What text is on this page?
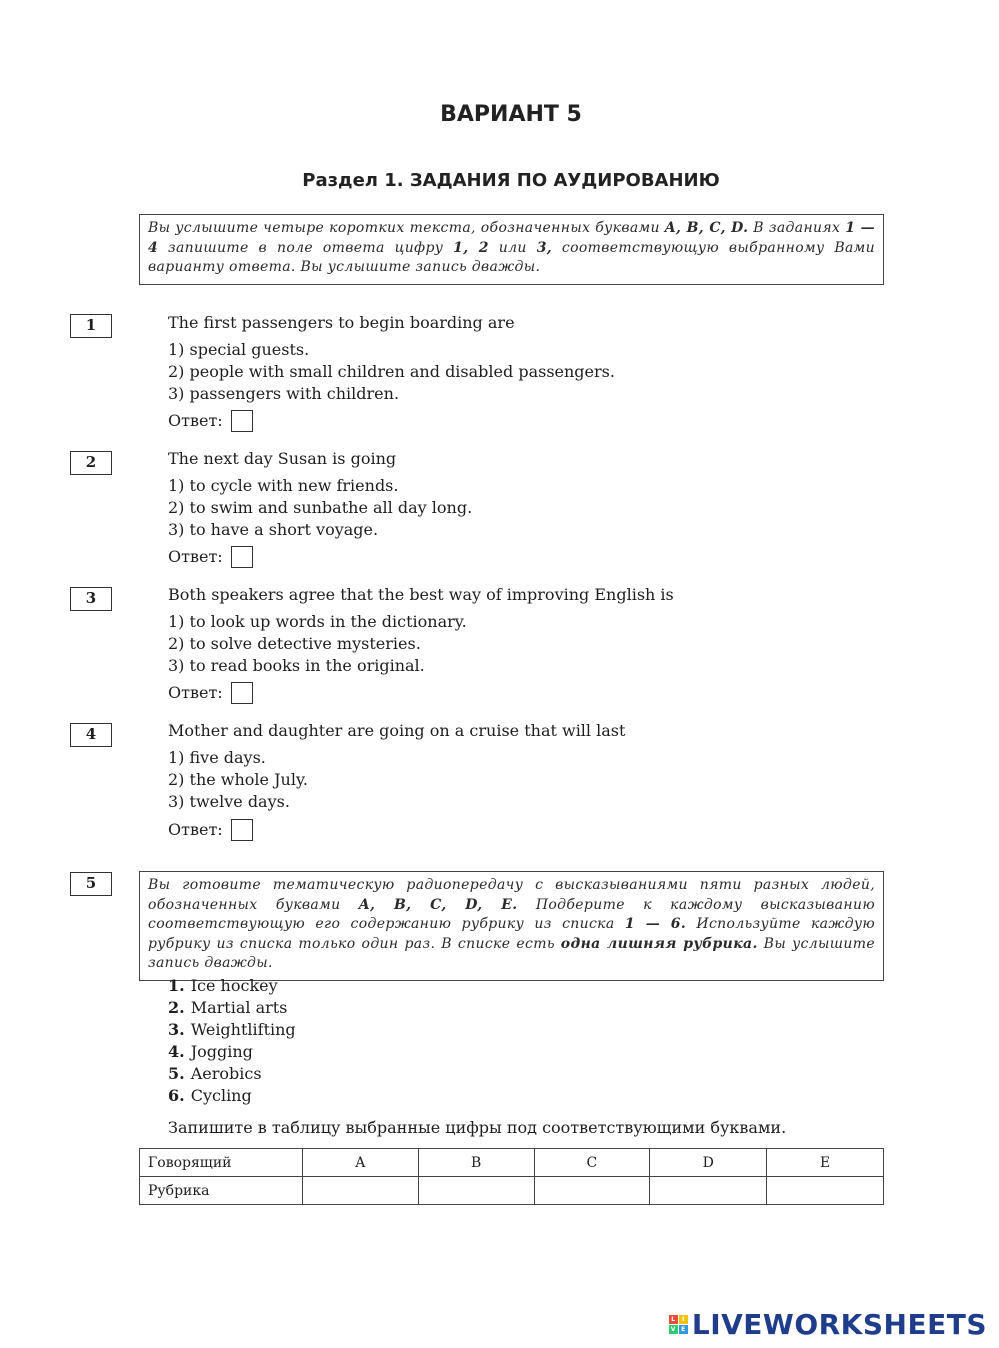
ВАРИАНТ 5
Раздел 1. ЗАДАНИЯ ПО АУДИРОВАНИЮ
Вы услышите четыре коротких текста, обозначенных буквами A, B, C, D. В заданиях 1 — 4 запишите в поле ответа цифру 1, 2 или 3, соответствующую выбранному Вами варианту ответа. Вы услышите запись дважды.
1	The first passengers to begin boarding are
1) special guests.
2) people with small children and disabled passengers.
3) passengers with children.
Ответ:
2	The next day Susan is going
1) to cycle with new friends.
2) to swim and sunbathe all day long.
3) to have a short voyage.
Ответ:
3	Both speakers agree that the best way of improving English is
1) to look up words in the dictionary.
2) to solve detective mysteries.
3) to read books in the original.
Ответ:
4	Mother and daughter are going on a cruise that will last
1) five days.
2) the whole July.
3) twelve days.
Ответ:
5	Вы готовите тематическую радиопередачу с высказываниями пяти разных людей, обозначенных буквами A, B, C, D, E. Подберите к каждому высказыванию соответствующую его содержанию рубрику из списка 1 — 6. Используйте каждую рубрику из списка только один раз. В списке есть одна лишняя рубрика. Вы услышите запись дважды.
1. Ice hockey
2. Martial arts
3. Weightlifting
4. Jogging
5. Aerobics
6. Cycling
Запишите в таблицу выбранные цифры под соответствующими буквами.
Говорящий	A	B	C	D	E
Рубрика					
L	I
V E LIVEWORKSHEETS
